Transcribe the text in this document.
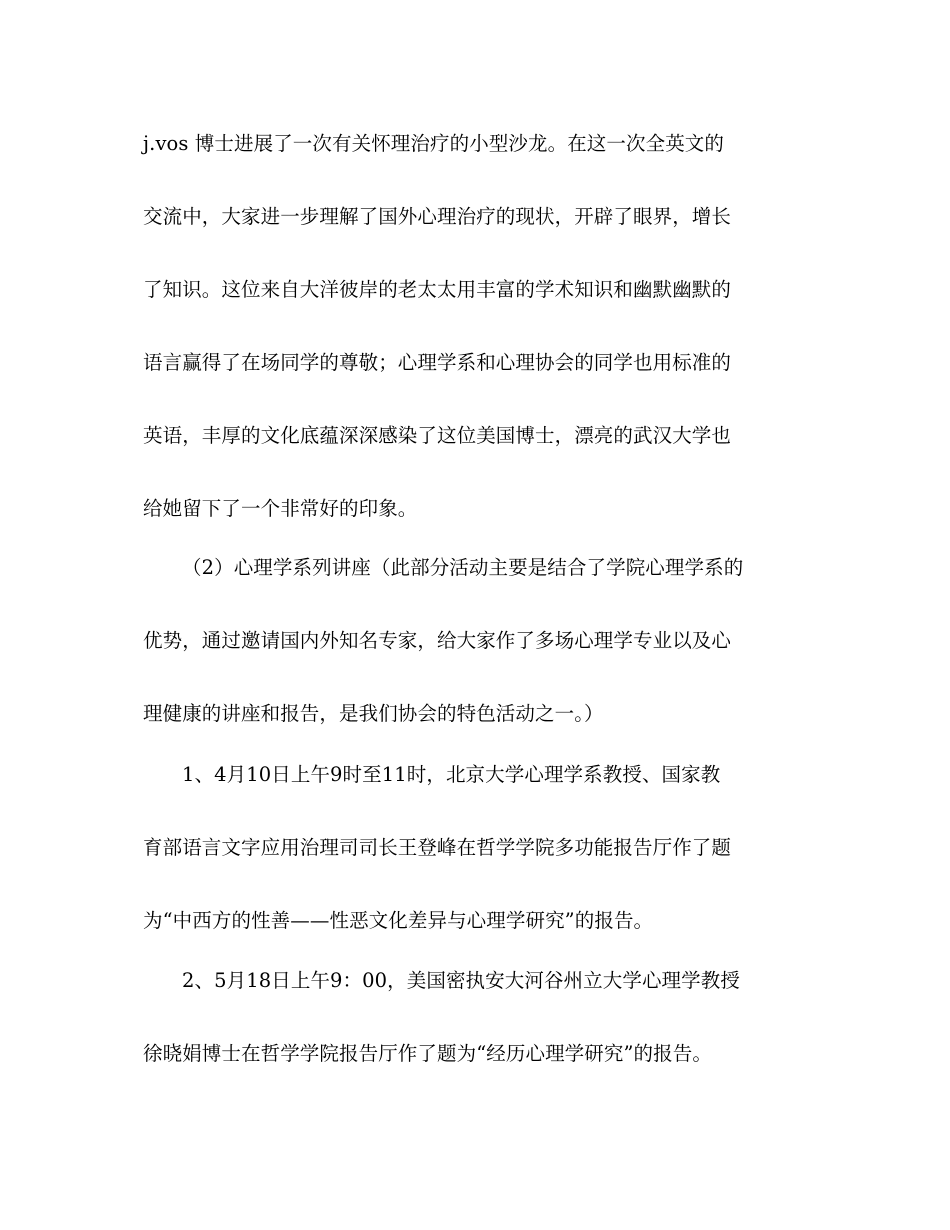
j.vos 博士进展了一次有关怀理治疗的小型沙龙。在这一次全英文的
交流中，大家进一步理解了国外心理治疗的现状，开辟了眼界，增长
了知识。这位来自大洋彼岸的老太太用丰富的学术知识和幽默幽默的
语言赢得了在场同学的尊敬；心理学系和心理协会的同学也用标准的
英语，丰厚的文化底蕴深深感染了这位美国博士，漂亮的武汉大学也
给她留下了一个非常好的印象。
（2）心理学系列讲座（此部分活动主要是结合了学院心理学系的
优势，通过邀请国内外知名专家，给大家作了多场心理学专业以及心
理健康的讲座和报告，是我们协会的特色活动之一。）
1、4月10日上午9时至11时，北京大学心理学系教授、国家教
育部语言文字应用治理司司长王登峰在哲学学院多功能报告厅作了题
为“中西方的性善——性恶文化差异与心理学研究”的报告。
2、5月18日上午9：00，美国密执安大河谷州立大学心理学教授
徐晓娟博士在哲学学院报告厅作了题为“经历心理学研究”的报告。
